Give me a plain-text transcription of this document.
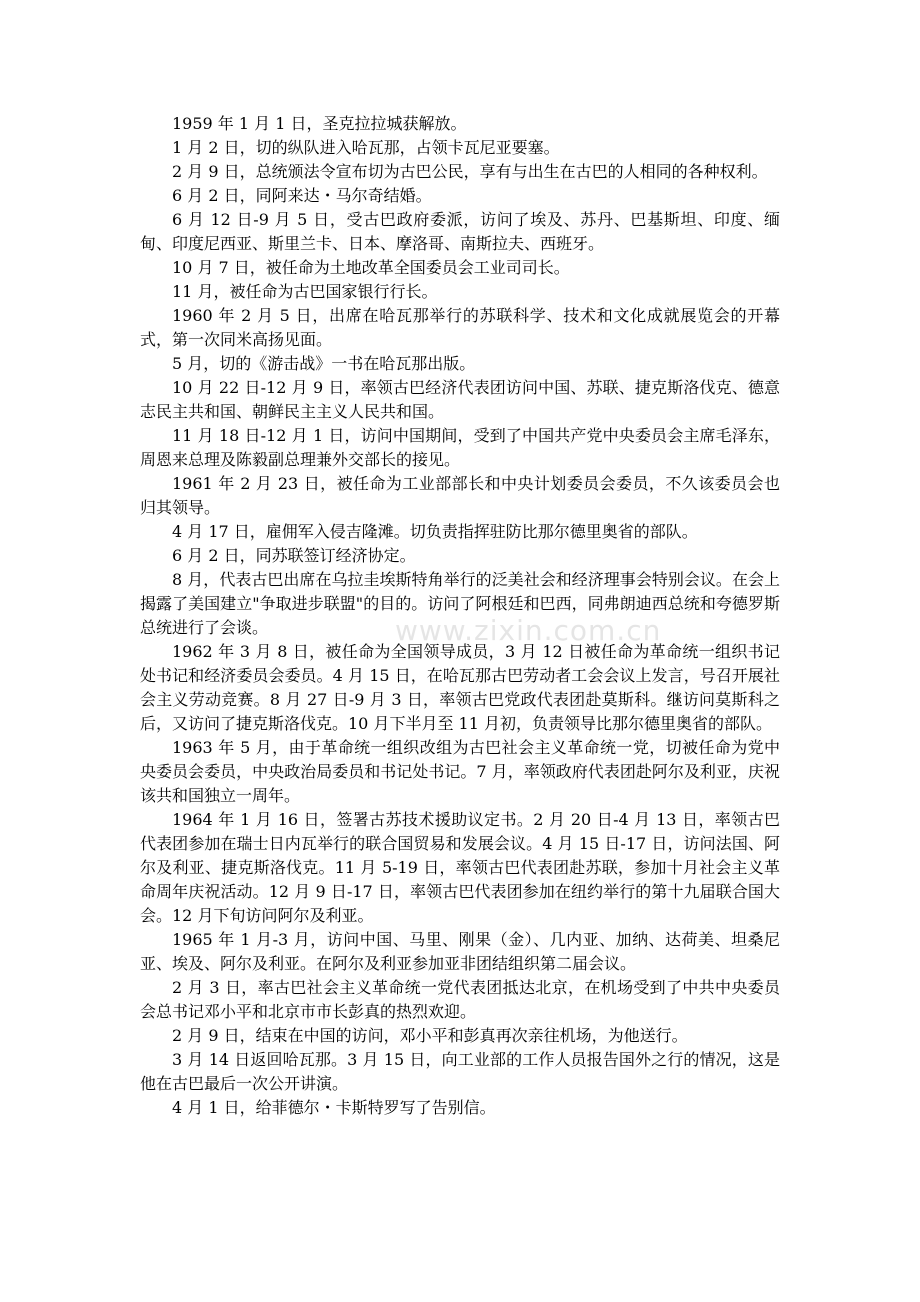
1959 年 1 月 1 日，圣克拉拉城获解放。

1 月 2 日，切的纵队进入哈瓦那，占领卡瓦尼亚要塞。

2 月 9 日，总统颁法令宣布切为古巴公民，享有与出生在古巴的人相同的各种权利。

6 月 2 日，同阿来达・马尔奇结婚。

6 月 12 日-9 月 5 日，受古巴政府委派，访问了埃及、苏丹、巴基斯坦、印度、缅甸、印度尼西亚、斯里兰卡、日本、摩洛哥、南斯拉夫、西班牙。

10 月 7 日，被任命为土地改革全国委员会工业司司长。

11 月，被任命为古巴国家银行行长。

1960 年 2 月 5 日，出席在哈瓦那举行的苏联科学、技术和文化成就展览会的开幕式，第一次同米高扬见面。

5 月，切的《游击战》一书在哈瓦那出版。

10 月 22 日-12 月 9 日，率领古巴经济代表团访问中国、苏联、捷克斯洛伐克、德意志民主共和国、朝鲜民主主义人民共和国。

11 月 18 日-12 月 1 日，访问中国期间，受到了中国共产党中央委员会主席毛泽东，周恩来总理及陈毅副总理兼外交部长的接见。

1961 年 2 月 23 日，被任命为工业部部长和中央计划委员会委员，不久该委员会也归其领导。

4 月 17 日，雇佣军入侵吉隆滩。切负责指挥驻防比那尔德里奥省的部队。

6 月 2 日，同苏联签订经济协定。

8 月，代表古巴出席在乌拉圭埃斯特角举行的泛美社会和经济理事会特别会议。在会上揭露了美国建立"争取进步联盟"的目的。访问了阿根廷和巴西，同弗朗迪西总统和夸德罗斯总统进行了会谈。

1962 年 3 月 8 日，被任命为全国领导成员，3 月 12 日被任命为革命统一组织书记处书记和经济委员会委员。4 月 15 日，在哈瓦那古巴劳动者工会会议上发言，号召开展社会主义劳动竞赛。8 月 27 日-9 月 3 日，率领古巴党政代表团赴莫斯科。继访问莫斯科之后，又访问了捷克斯洛伐克。10 月下半月至 11 月初，负责领导比那尔德里奥省的部队。

1963 年 5 月，由于革命统一组织改组为古巴社会主义革命统一党，切被任命为党中央委员会委员，中央政治局委员和书记处书记。7 月，率领政府代表团赴阿尔及利亚，庆祝该共和国独立一周年。

1964 年 1 月 16 日，签署古苏技术援助议定书。2 月 20 日-4 月 13 日，率领古巴代表团参加在瑞士日内瓦举行的联合国贸易和发展会议。4 月 15 日-17 日，访问法国、阿尔及利亚、捷克斯洛伐克。11 月 5-19 日，率领古巴代表团赴苏联，参加十月社会主义革命周年庆祝活动。12 月 9 日-17 日，率领古巴代表团参加在纽约举行的第十九届联合国大会。12 月下旬访问阿尔及利亚。

1965 年 1 月-3 月，访问中国、马里、刚果（金）、几内亚、加纳、达荷美、坦桑尼亚、埃及、阿尔及利亚。在阿尔及利亚参加亚非团结组织第二届会议。

2 月 3 日，率古巴社会主义革命统一党代表团抵达北京，在机场受到了中共中央委员会总书记邓小平和北京市市长彭真的热烈欢迎。

2 月 9 日，结束在中国的访问，邓小平和彭真再次亲往机场，为他送行。

3 月 14 日返回哈瓦那。3 月 15 日，向工业部的工作人员报告国外之行的情况，这是他在古巴最后一次公开讲演。

4 月 1 日，给菲德尔・卡斯特罗写了告别信。

www.zixin.com.cn
